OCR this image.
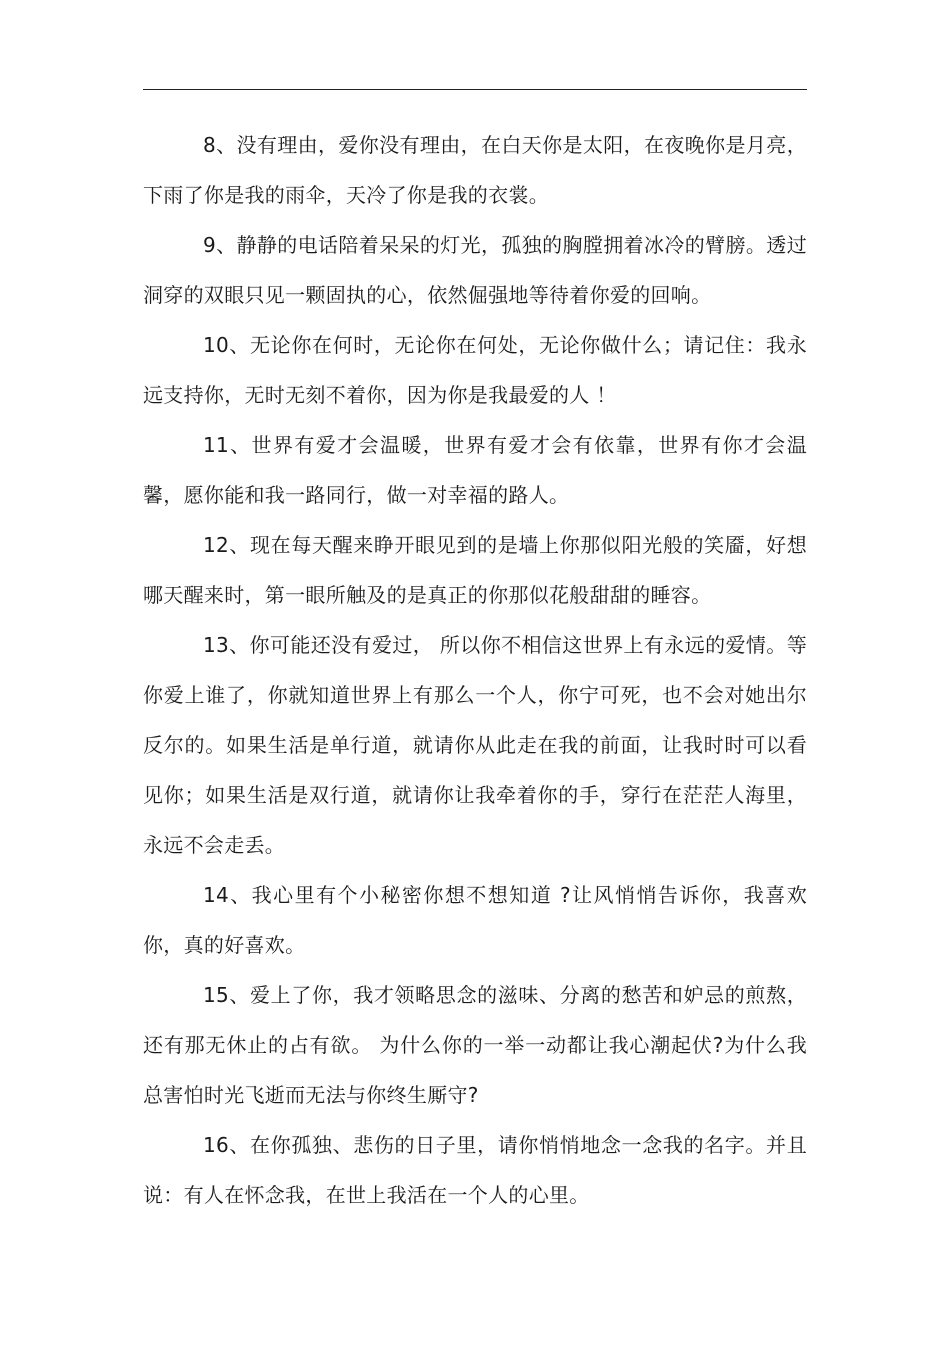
8、没有理由，爱你没有理由，在白天你是太阳，在夜晚你是月亮，下雨了你是我的雨伞，天冷了你是我的衣裳。

9、静静的电话陪着呆呆的灯光，孤独的胸膛拥着冰冷的臂膀。透过洞穿的双眼只见一颗固执的心，依然倔强地等待着你爱的回响。

10、无论你在何时，无论你在何处，无论你做什么；请记住：我永远支持你，无时无刻不着你，因为你是我最爱的人 ！

11、世界有爱才会温暖，世界有爱才会有依靠，世界有你才会温馨，愿你能和我一路同行，做一对幸福的路人。

12、现在每天醒来睁开眼见到的是墙上你那似阳光般的笑靥，好想哪天醒来时，第一眼所触及的是真正的你那似花般甜甜的睡容。

13、你可能还没有爱过， 所以你不相信这世界上有永远的爱情。等你爱上谁了，你就知道世界上有那么一个人，你宁可死，也不会对她出尔反尔的。如果生活是单行道，就请你从此走在我的前面，让我时时可以看见你；如果生活是双行道，就请你让我牵着你的手，穿行在茫茫人海里，永远不会走丢。

14、我心里有个小秘密你想不想知道 ?让风悄悄告诉你，我喜欢你，真的好喜欢。

15、爱上了你，我才领略思念的滋味、分离的愁苦和妒忌的煎熬，还有那无休止的占有欲。 为什么你的一举一动都让我心潮起伏?为什么我总害怕时光飞逝而无法与你终生厮守?

16、在你孤独、悲伤的日子里，请你悄悄地念一念我的名字。并且说：有人在怀念我，在世上我活在一个人的心里。
